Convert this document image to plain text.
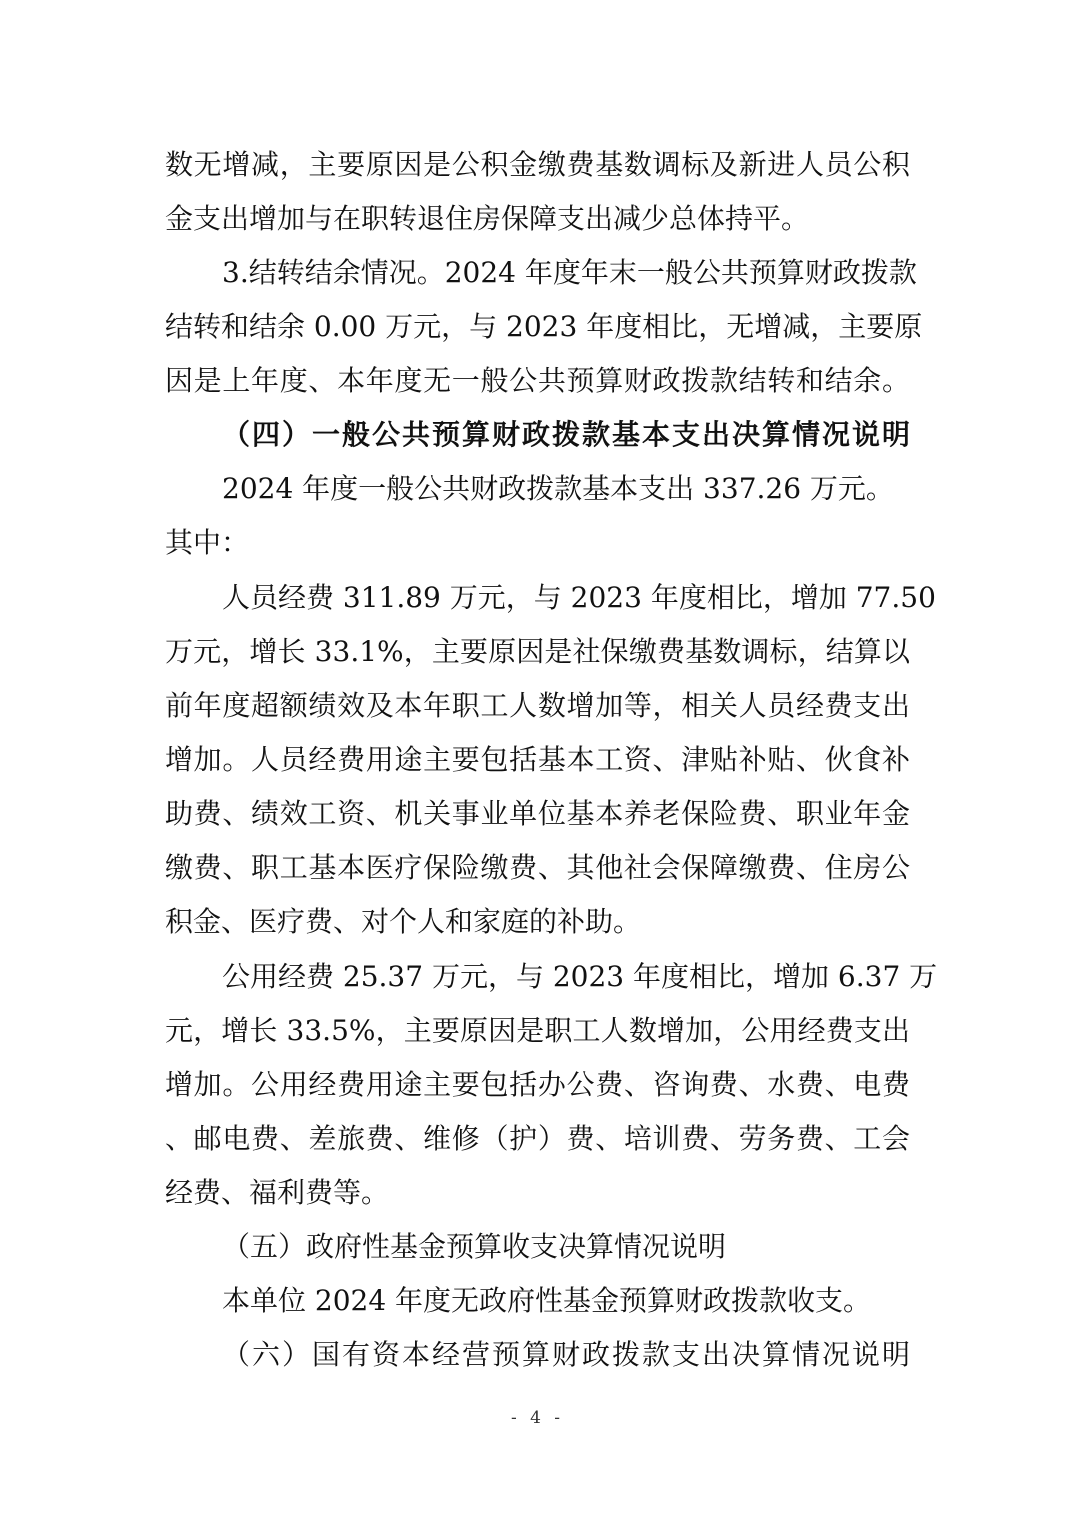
数无增减，主要原因是公积金缴费基数调标及新进人员公积
金支出增加与在职转退住房保障支出减少总体持平。
3.结转结余情况。2024 年度年末一般公共预算财政拨款
结转和结余 0.00 万元，与 2023 年度相比，无增减，主要原
因是上年度、本年度无一般公共预算财政拨款结转和结余。
（四）一般公共预算财政拨款基本支出决算情况说明
2024 年度一般公共财政拨款基本支出 337.26 万元。
其中：
人员经费 311.89 万元，与 2023 年度相比，增加 77.50
万元，增长 33.1%，主要原因是社保缴费基数调标，结算以
前年度超额绩效及本年职工人数增加等，相关人员经费支出
增加。人员经费用途主要包括基本工资、津贴补贴、伙食补
助费、绩效工资、机关事业单位基本养老保险费、职业年金
缴费、职工基本医疗保险缴费、其他社会保障缴费、住房公
积金、医疗费、对个人和家庭的补助。
公用经费 25.37 万元，与 2023 年度相比，增加 6.37 万
元，增长 33.5%，主要原因是职工人数增加，公用经费支出
增加。公用经费用途主要包括办公费、咨询费、水费、电费
、邮电费、差旅费、维修（护）费、培训费、劳务费、工会
经费、福利费等。
（五）政府性基金预算收支决算情况说明
本单位 2024 年度无政府性基金预算财政拨款收支。
（六）国有资本经营预算财政拨款支出决算情况说明
- 4 -
